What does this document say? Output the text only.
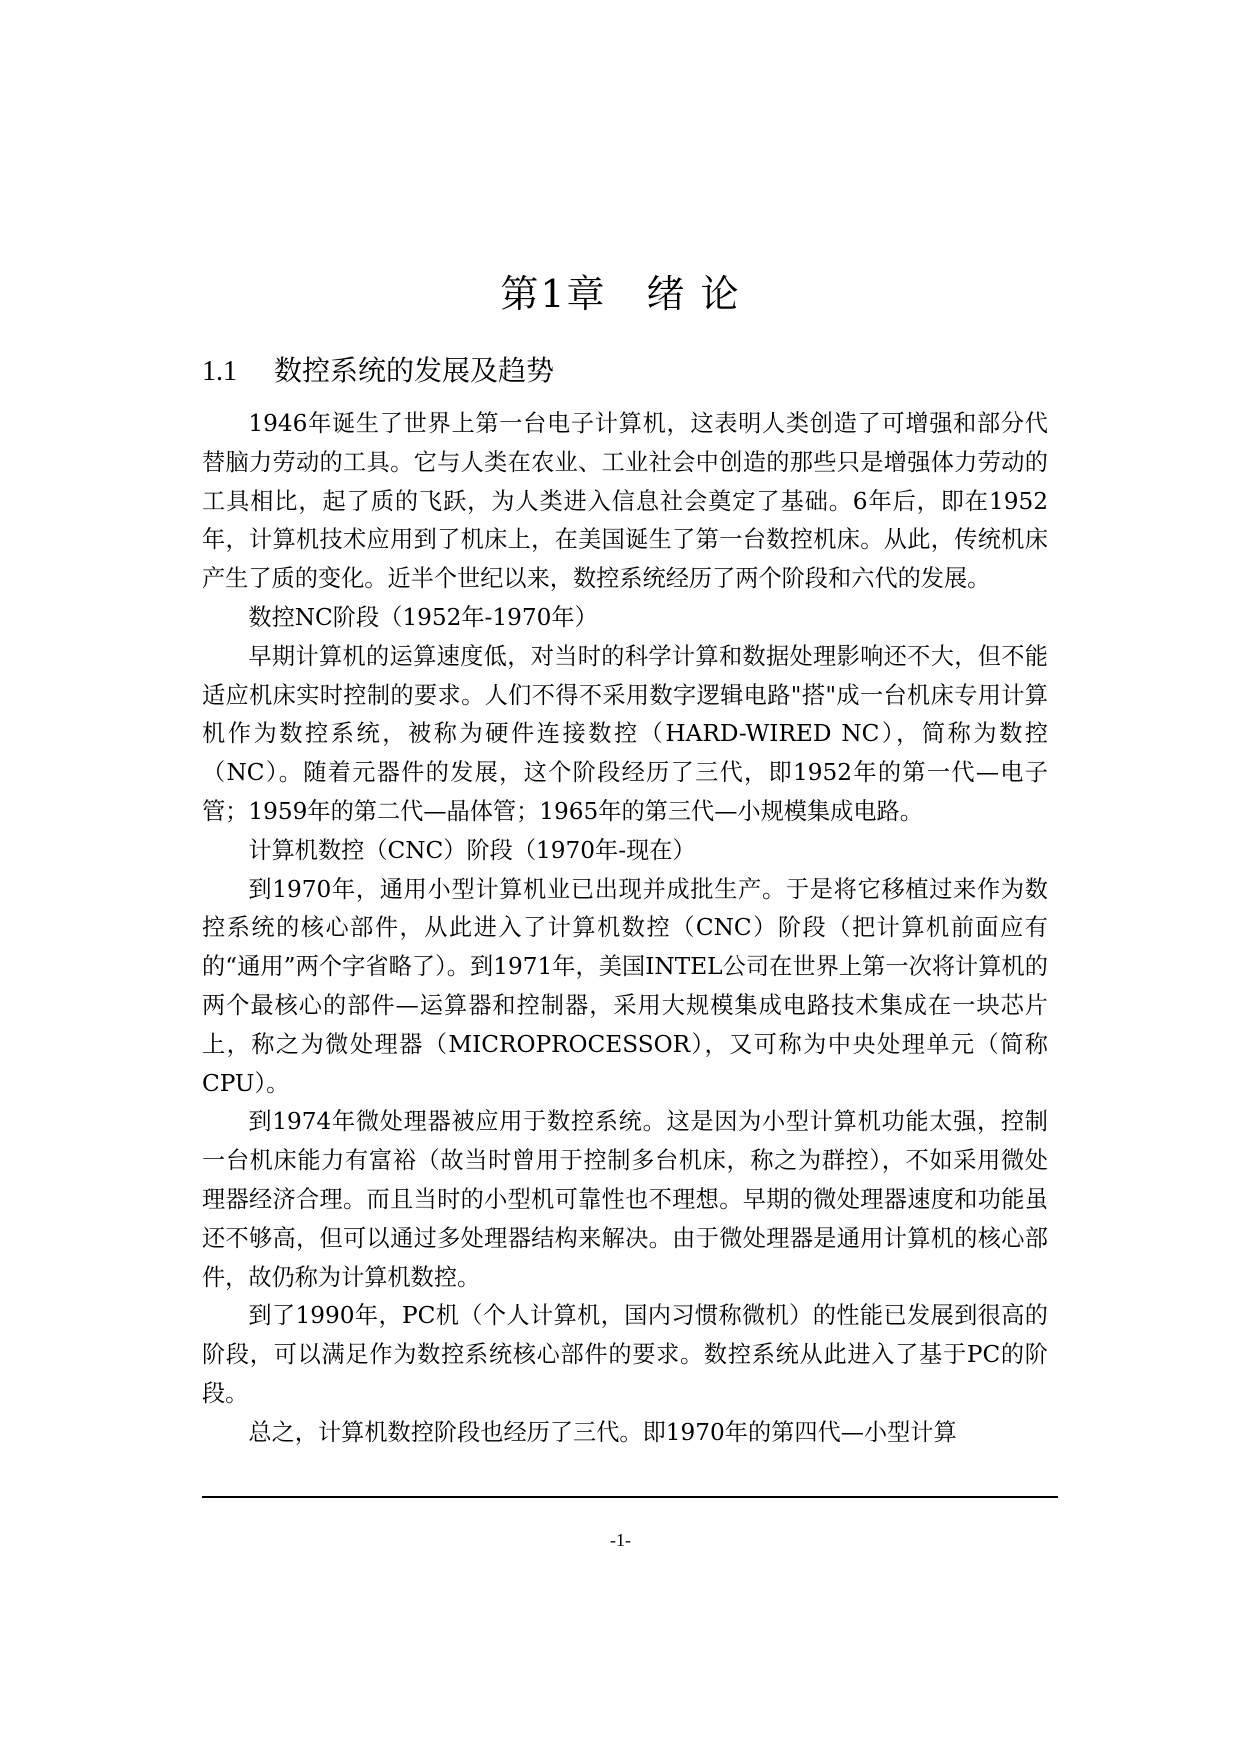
第1章　绪 论
1.1 数控系统的发展及趋势

1946年诞生了世界上第一台电子计算机，这表明人类创造了可增强和部分代替脑力劳动的工具。它与人类在农业、工业社会中创造的那些只是增强体力劳动的工具相比，起了质的飞跃，为人类进入信息社会奠定了基础。6年后，即在1952年，计算机技术应用到了机床上，在美国诞生了第一台数控机床。从此，传统机床产生了质的变化。近半个世纪以来，数控系统经历了两个阶段和六代的发展。

数控NC阶段（1952年-1970年）

早期计算机的运算速度低，对当时的科学计算和数据处理影响还不大，但不能适应机床实时控制的要求。人们不得不采用数字逻辑电路"搭"成一台机床专用计算机作为数控系统，被称为硬件连接数控（HARD-WIRED NC），简称为数控（NC）。随着元器件的发展，这个阶段经历了三代，即1952年的第一代—电子管；1959年的第二代—晶体管；1965年的第三代—小规模集成电路。

计算机数控（CNC）阶段（1970年-现在）

到1970年，通用小型计算机业已出现并成批生产。于是将它移植过来作为数控系统的核心部件，从此进入了计算机数控（CNC）阶段（把计算机前面应有的“通用”两个字省略了）。到1971年，美国INTEL公司在世界上第一次将计算机的两个最核心的部件—运算器和控制器，采用大规模集成电路技术集成在一块芯片上，称之为微处理器（MICROPROCESSOR），又可称为中央处理单元（简称CPU）。

到1974年微处理器被应用于数控系统。这是因为小型计算机功能太强，控制一台机床能力有富裕（故当时曾用于控制多台机床，称之为群控），不如采用微处理器经济合理。而且当时的小型机可靠性也不理想。早期的微处理器速度和功能虽还不够高，但可以通过多处理器结构来解决。由于微处理器是通用计算机的核心部件，故仍称为计算机数控。

到了1990年，PC机（个人计算机，国内习惯称微机）的性能已发展到很高的阶段，可以满足作为数控系统核心部件的要求。数控系统从此进入了基于PC的阶段。

总之，计算机数控阶段也经历了三代。即1970年的第四代—小型计算

-1-
